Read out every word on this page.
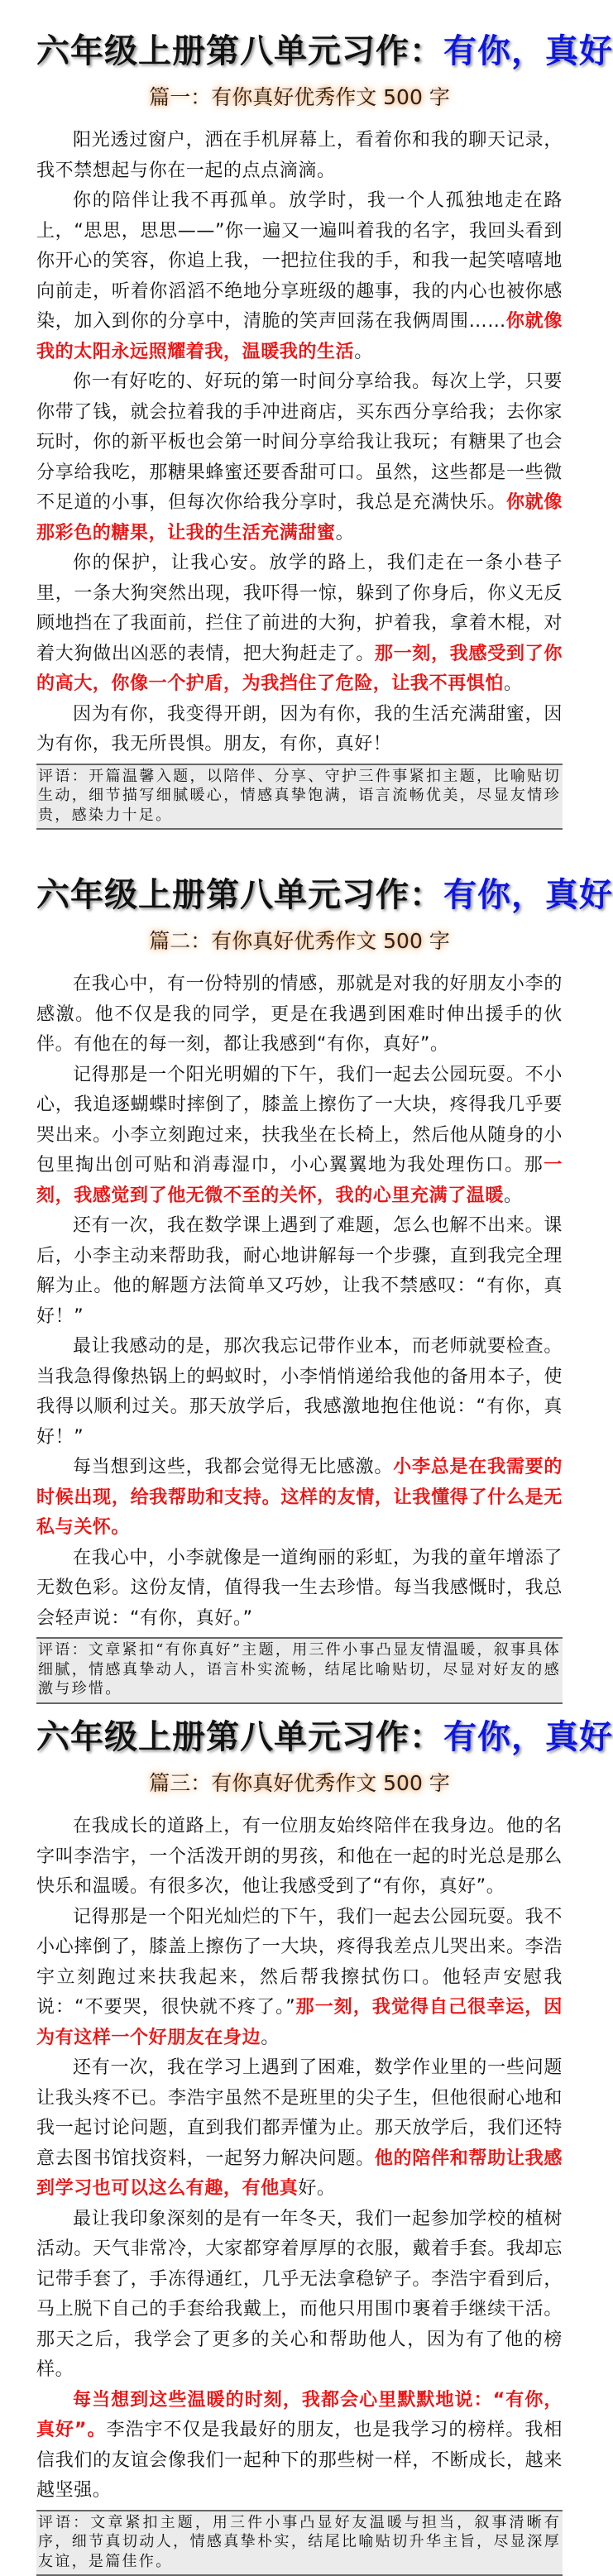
六年级上册第八单元习作：有你，真好
篇一：有你真好优秀作文 500 字

阳光透过窗户，洒在手机屏幕上，看着你和我的聊天记录，我不禁想起与你在一起的点点滴滴。

你的陪伴让我不再孤单。放学时，我一个人孤独地走在路上，“思思，思思——”你一遍又一遍叫着我的名字，我回头看到你开心的笑容，你追上我，一把拉住我的手，和我一起笑嘻嘻地向前走，听着你滔滔不绝地分享班级的趣事，我的内心也被你感染，加入到你的分享中，清脆的笑声回荡在我俩周围……你就像我的太阳永远照耀着我，温暖我的生活。

你一有好吃的、好玩的第一时间分享给我。每次上学，只要你带了钱，就会拉着我的手冲进商店，买东西分享给我；去你家玩时，你的新平板也会第一时间分享给我让我玩；有糖果了也会分享给我吃，那糖果蜂蜜还要香甜可口。虽然，这些都是一些微不足道的小事，但每次你给我分享时，我总是充满快乐。你就像那彩色的糖果，让我的生活充满甜蜜。

你的保护，让我心安。放学的路上，我们走在一条小巷子里，一条大狗突然出现，我吓得一惊，躲到了你身后，你义无反顾地挡在了我面前，拦住了前进的大狗，护着我，拿着木棍，对着大狗做出凶恶的表情，把大狗赶走了。那一刻，我感受到了你的高大，你像一个护盾，为我挡住了危险，让我不再惧怕。

因为有你，我变得开朗，因为有你，我的生活充满甜蜜，因为有你，我无所畏惧。朋友，有你，真好！

评语：开篇温馨入题，以陪伴、分享、守护三件事紧扣主题，比喻贴切生动，细节描写细腻暖心，情感真挚饱满，语言流畅优美，尽显友情珍贵，感染力十足。
六年级上册第八单元习作：有你，真好
篇二：有你真好优秀作文 500 字

在我心中，有一份特别的情感，那就是对我的好朋友小李的感激。他不仅是我的同学，更是在我遇到困难时伸出援手的伙伴。有他在的每一刻，都让我感到“有你，真好”。

记得那是一个阳光明媚的下午，我们一起去公园玩耍。不小心，我追逐蝴蝶时摔倒了，膝盖上擦伤了一大块，疼得我几乎要哭出来。小李立刻跑过来，扶我坐在长椅上，然后他从随身的小包里掏出创可贴和消毒湿巾，小心翼翼地为我处理伤口。那一刻，我感觉到了他无微不至的关怀，我的心里充满了温暖。

还有一次，我在数学课上遇到了难题，怎么也解不出来。课后，小李主动来帮助我，耐心地讲解每一个步骤，直到我完全理解为止。他的解题方法简单又巧妙，让我不禁感叹：“有你，真好！”

最让我感动的是，那次我忘记带作业本，而老师就要检查。当我急得像热锅上的蚂蚁时，小李悄悄递给我他的备用本子，使我得以顺利过关。那天放学后，我感激地抱住他说：“有你，真好！”

每当想到这些，我都会觉得无比感激。小李总是在我需要的时候出现，给我帮助和支持。这样的友情，让我懂得了什么是无私与关怀。

在我心中，小李就像是一道绚丽的彩虹，为我的童年增添了无数色彩。这份友情，值得我一生去珍惜。每当我感慨时，我总会轻声说：“有你，真好。”

评语：文章紧扣“有你真好”主题，用三件小事凸显友情温暖，叙事具体细腻，情感真挚动人，语言朴实流畅，结尾比喻贴切，尽显对好友的感激与珍惜。
六年级上册第八单元习作：有你，真好
篇三：有你真好优秀作文 500 字

在我成长的道路上，有一位朋友始终陪伴在我身边。他的名字叫李浩宇，一个活泼开朗的男孩，和他在一起的时光总是那么快乐和温暖。有很多次，他让我感受到了“有你，真好”。

记得那是一个阳光灿烂的下午，我们一起去公园玩耍。我不小心摔倒了，膝盖上擦伤了一大块，疼得我差点儿哭出来。李浩宇立刻跑过来扶我起来，然后帮我擦拭伤口。他轻声安慰我说：“不要哭，很快就不疼了。”那一刻，我觉得自己很幸运，因为有这样一个好朋友在身边。

还有一次，我在学习上遇到了困难，数学作业里的一些问题让我头疼不已。李浩宇虽然不是班里的尖子生，但他很耐心地和我一起讨论问题，直到我们都弄懂为止。那天放学后，我们还特意去图书馆找资料，一起努力解决问题。他的陪伴和帮助让我感到学习也可以这么有趣，有他真好。

最让我印象深刻的是有一年冬天，我们一起参加学校的植树活动。天气非常冷，大家都穿着厚厚的衣服，戴着手套。我却忘记带手套了，手冻得通红，几乎无法拿稳铲子。李浩宇看到后，马上脱下自己的手套给我戴上，而他只用围巾裹着手继续干活。那天之后，我学会了更多的关心和帮助他人，因为有了他的榜样。

每当想到这些温暖的时刻，我都会心里默默地说：“有你，真好”。李浩宇不仅是我最好的朋友，也是我学习的榜样。我相信我们的友谊会像我们一起种下的那些树一样，不断成长，越来越坚强。

评语：文章紧扣主题，用三件小事凸显好友温暖与担当，叙事清晰有序，细节真切动人，情感真挚朴实，结尾比喻贴切升华主旨，尽显深厚友谊，是篇佳作。
